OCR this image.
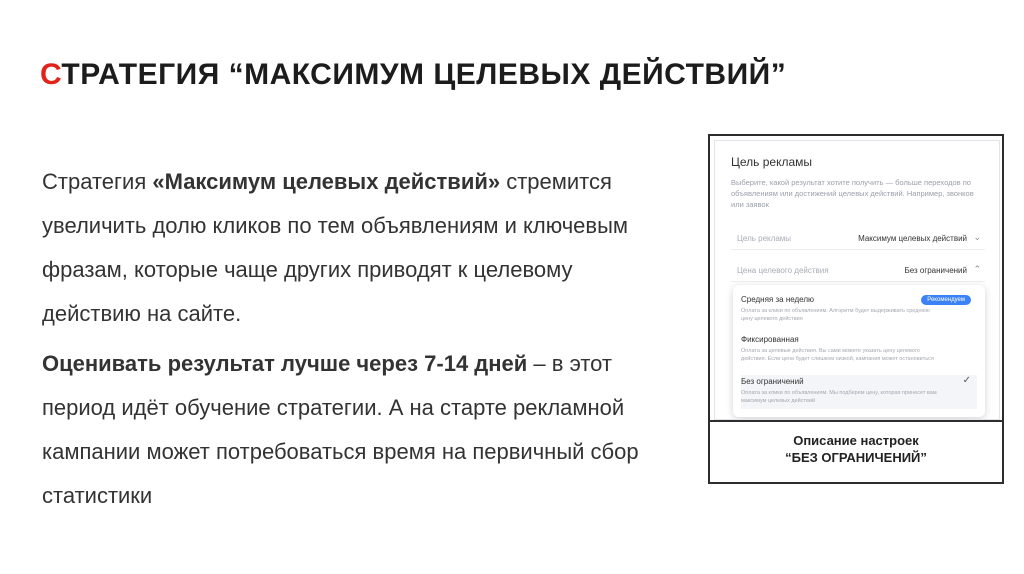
СТРАТЕГИЯ “МАКСИМУМ ЦЕЛЕВЫХ ДЕЙСТВИЙ”

Стратегия «Максимум целевых действий» стремится увеличить долю кликов по тем объявлениям и ключевым фразам, которые чаще других приводят к целевому действию на сайте.

Оценивать результат лучше через 7-14 дней – в этот период идёт обучение стратегии. А на старте рекламной кампании может потребоваться время на первичный сбор статистики

Цель рекламы
Выберите, какой результат хотите получить — больше переходов по объявлениям или достижений целевых действий. Например, звонков или заявок
Цель рекламы	Максимум целевых действий ⌄
Цена целевого действия	Без ограничений ⌃
Средняя за неделю
Оплата за клики по объявлениям. Алгоритм будет выдерживать среднюю цену целевого действия
Рекомендуем
Фиксированная
Оплата за целевые действия. Вы сами можете указать цену целевого действия. Если цена будет слишком низкой, кампания может остановиться
Без ограничений
Оплата за клики по объявлениям. Мы подберем цену, которая принесет вам максимум целевых действий
✓
Описание настроек
“БЕЗ ОГРАНИЧЕНИЙ”
